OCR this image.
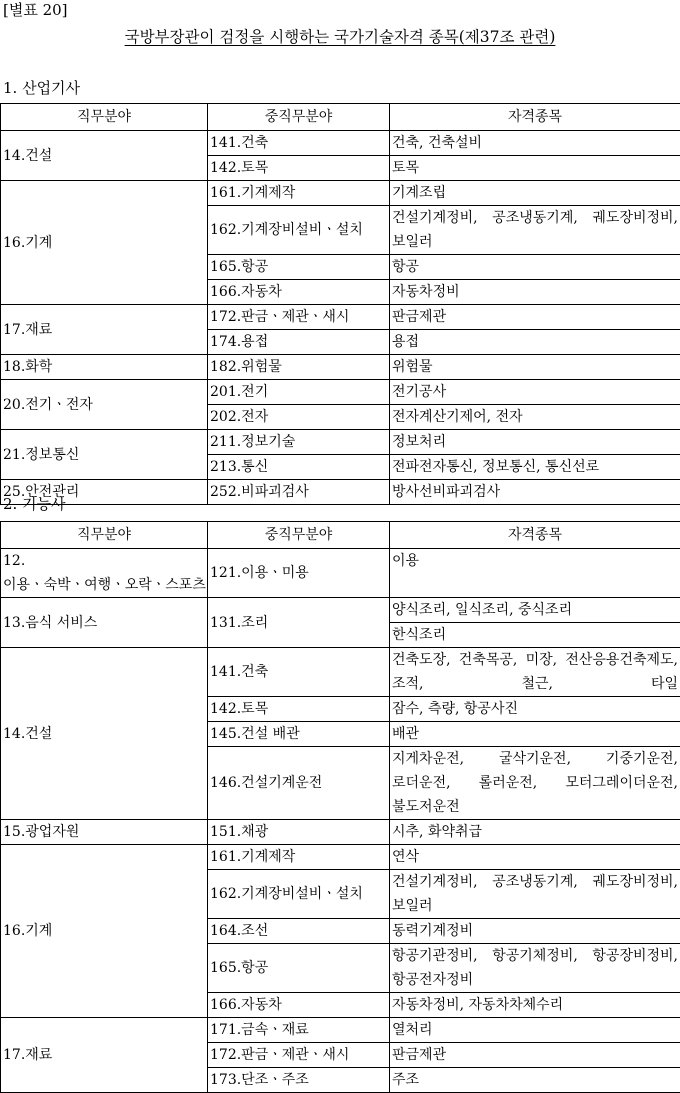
[별표 20]
국방부장관이 검정을 시행하는 국가기술자격 종목(제37조 관련)
1. 산업기사
직무분야	중직무분야	자격종목
14.건설	141.건축	건축, 건축설비
	142.토목	토목
16.기계	161.기계제작	기계조립
	162.기계장비설비ㆍ설치	건설기계정비, 공조냉동기계, 궤도장비정비, 보일러
	165.항공	항공
	166.자동차	자동차정비
17.재료	172.판금ㆍ제관ㆍ새시	판금제관
	174.용접	용접
18.화학	182.위험물	위험물
20.전기ㆍ전자	201.전기	전기공사
	202.전자	전자계산기제어, 전자
21.정보통신	211.정보기술	정보처리
	213.통신	전파전자통신, 정보통신, 통신선로
25.안전관리	252.비파괴검사	방사선비파괴검사
2. 기능사
직무분야	중직무분야	자격종목
12.이용ㆍ숙박ㆍ여행ㆍ오락ㆍ스포츠	121.이용ㆍ미용	이용
13.음식 서비스	131.조리	양식조리, 일식조리, 중식조리
		한식조리
14.건설	141.건축	건축도장, 건축목공, 미장, 전산응용건축제도, 조적, 철근, 타일
	142.토목	잠수, 측량, 항공사진
	145.건설 배관	배관
	146.건설기계운전	지게차운전, 굴삭기운전, 기중기운전, 로더운전, 롤러운전, 모터그레이더운전, 불도저운전
15.광업자원	151.채광	시추, 화약취급
16.기계	161.기계제작	연삭
	162.기계장비설비ㆍ설치	건설기계정비, 공조냉동기계, 궤도장비정비, 보일러
	164.조선	동력기계정비
	165.항공	항공기관정비, 항공기체정비, 항공장비정비, 항공전자정비
	166.자동차	자동차정비, 자동차차체수리
17.재료	171.금속ㆍ재료	열처리
	172.판금ㆍ제관ㆍ새시	판금제관
	173.단조ㆍ주조	주조
